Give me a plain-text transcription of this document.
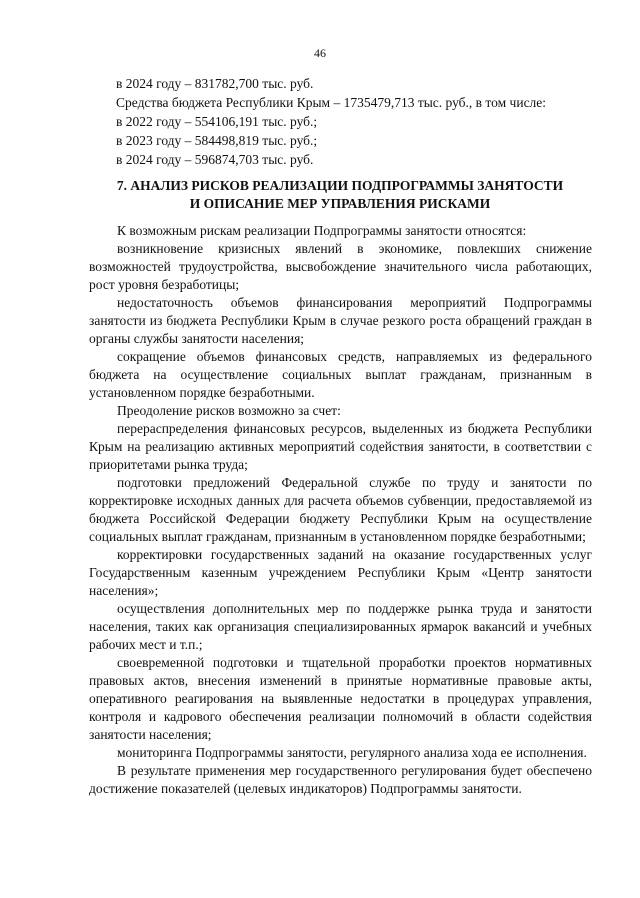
46

в 2024 году – 831782,700 тыс. руб.

Средства бюджета Республики Крым – 1735479,713 тыс. руб., в том числе:

в 2022 году – 554106,191 тыс. руб.;

в 2023 году – 584498,819 тыс. руб.;

в 2024 году – 596874,703 тыс. руб.

7. АНАЛИЗ РИСКОВ РЕАЛИЗАЦИИ ПОДПРОГРАММЫ ЗАНЯТОСТИ
И ОПИСАНИЕ МЕР УПРАВЛЕНИЯ РИСКАМИ

К возможным рискам реализации Подпрограммы занятости относятся:

возникновение кризисных явлений в экономике, повлекших снижение возможностей трудоустройства, высвобождение значительного числа работающих, рост уровня безработицы;

недостаточность объемов финансирования мероприятий Подпрограммы занятости из бюджета Республики Крым в случае резкого роста обращений граждан в органы службы занятости населения;

сокращение объемов финансовых средств, направляемых из федерального бюджета на осуществление социальных выплат гражданам, признанным в установленном порядке безработными.

Преодоление рисков возможно за счет:

перераспределения финансовых ресурсов, выделенных из бюджета Республики Крым на реализацию активных мероприятий содействия занятости, в соответствии с приоритетами рынка труда;

подготовки предложений Федеральной службе по труду и занятости по корректировке исходных данных для расчета объемов субвенции, предоставляемой из бюджета Российской Федерации бюджету Республики Крым на осуществление социальных выплат гражданам, признанным в установленном порядке безработными;

корректировки государственных заданий на оказание государственных услуг Государственным казенным учреждением Республики Крым «Центр занятости населения»;

осуществления дополнительных мер по поддержке рынка труда и занятости населения, таких как организация специализированных ярмарок вакансий и учебных рабочих мест и т.п.;

своевременной подготовки и тщательной проработки проектов нормативных правовых актов, внесения изменений в принятые нормативные правовые акты, оперативного реагирования на выявленные недостатки в процедурах управления, контроля и кадрового обеспечения реализации полномочий в области содействия занятости населения;

мониторинга Подпрограммы занятости, регулярного анализа хода ее исполнения.

В результате применения мер государственного регулирования будет обеспечено достижение показателей (целевых индикаторов) Подпрограммы занятости.
